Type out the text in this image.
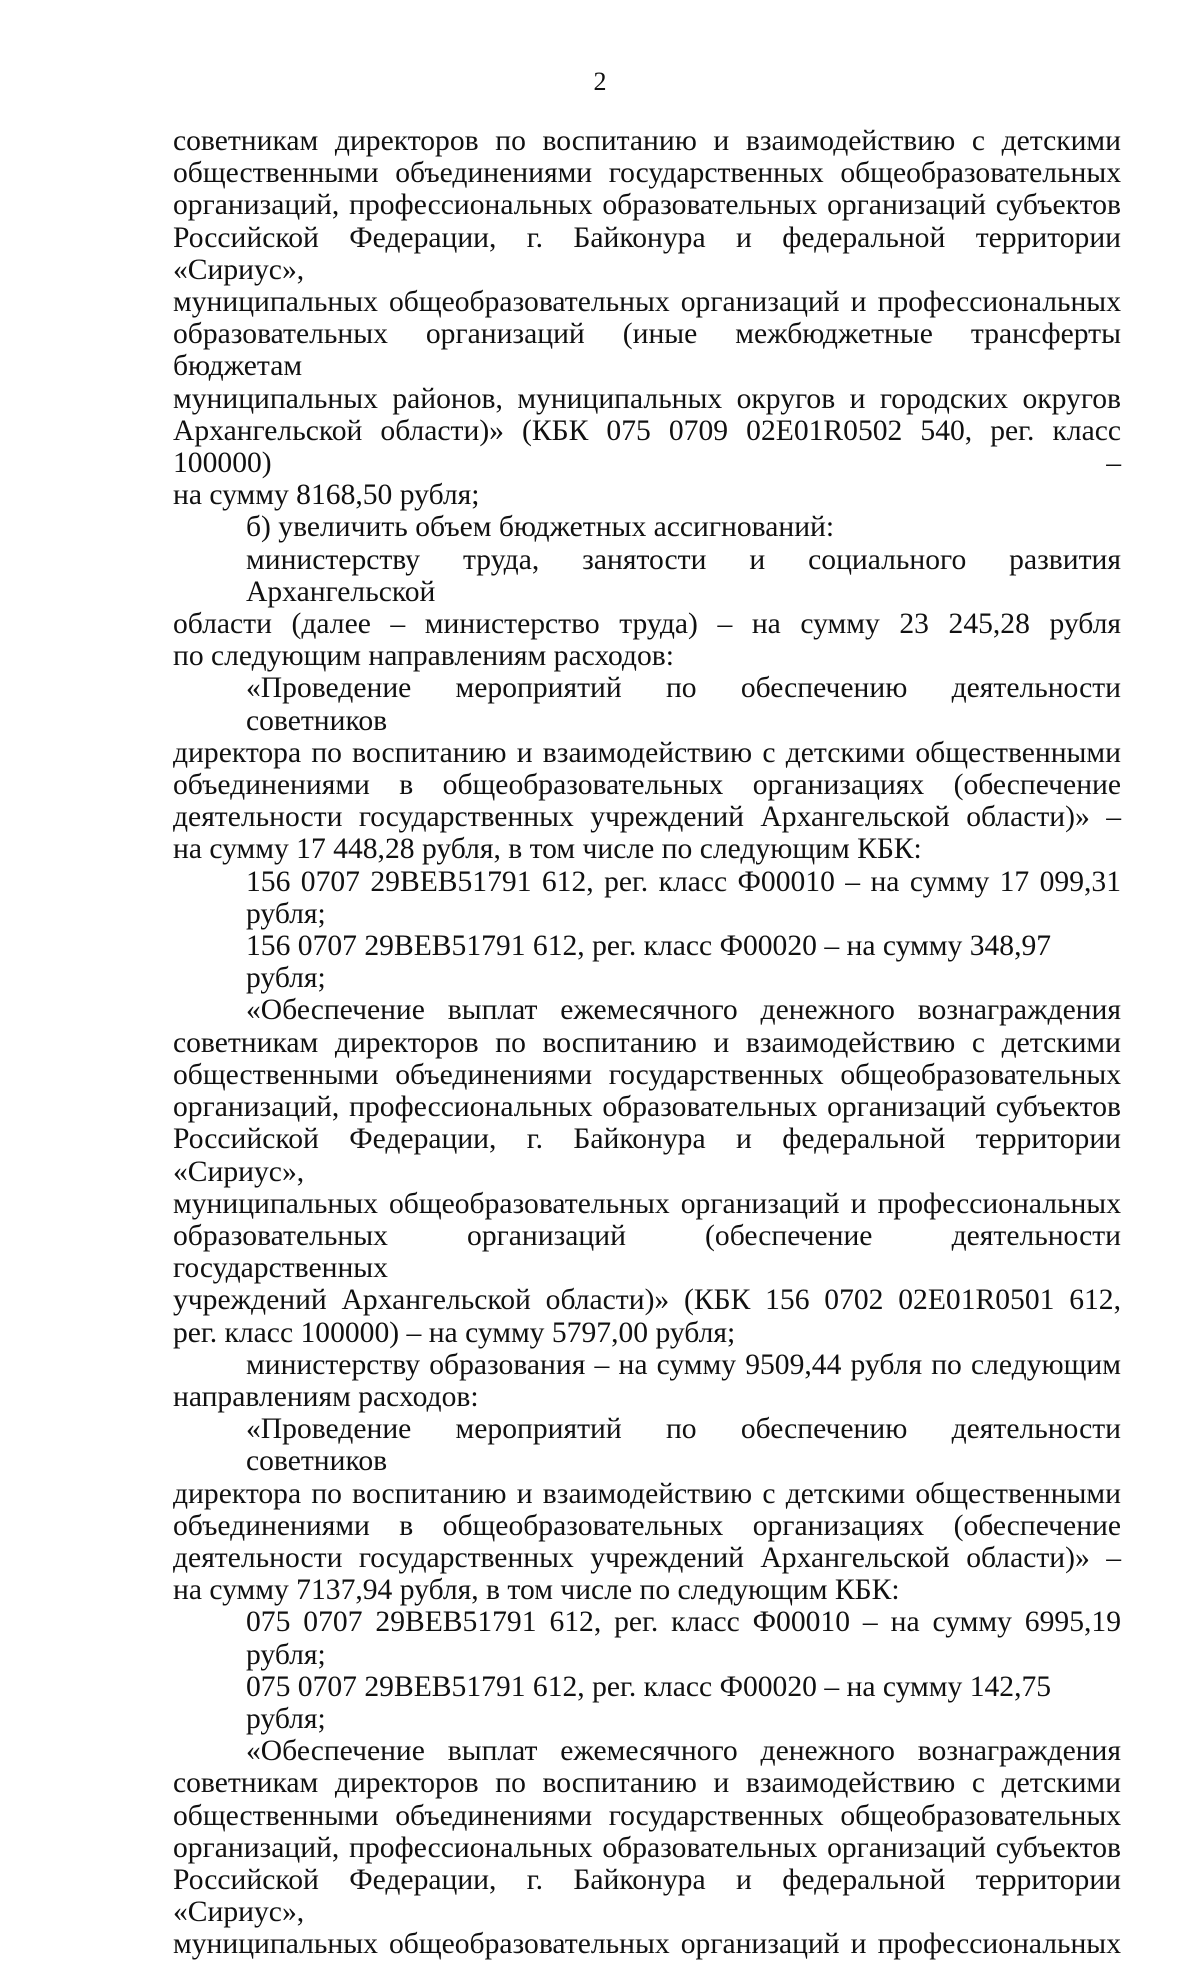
2

советникам директоров по воспитанию и взаимодействию с детскими

общественными объединениями государственных общеобразовательных

организаций, профессиональных образовательных организаций субъектов

Российской Федерации, г. Байконура и федеральной территории «Сириус»,

муниципальных общеобразовательных организаций и профессиональных

образовательных организаций (иные межбюджетные трансферты бюджетам

муниципальных районов, муниципальных округов и городских округов

Архангельской области)» (КБК 075 0709 02Е01R0502 540, рег. класс 100000) –

на сумму 8168,50 рубля;

б) увеличить объем бюджетных ассигнований:

министерству труда, занятости и социального развития Архангельской

области (далее – министерство труда) – на сумму 23 245,28 рубля

по следующим направлениям расходов:

«Проведение мероприятий по обеспечению деятельности советников

директора по воспитанию и взаимодействию с детскими общественными

объединениями в общеобразовательных организациях (обеспечение

деятельности государственных учреждений Архангельской области)» –

на сумму 17 448,28 рубля, в том числе по следующим КБК:

156 0707 29ВЕВ51791 612, рег. класс Ф00010 – на сумму 17 099,31 рубля;

156 0707 29ВЕВ51791 612, рег. класс Ф00020 – на сумму 348,97 рубля;

«Обеспечение выплат ежемесячного денежного вознаграждения

советникам директоров по воспитанию и взаимодействию с детскими

общественными объединениями государственных общеобразовательных

организаций, профессиональных образовательных организаций субъектов

Российской Федерации, г. Байконура и федеральной территории «Сириус»,

муниципальных общеобразовательных организаций и профессиональных

образовательных организаций (обеспечение деятельности государственных

учреждений Архангельской области)» (КБК 156 0702 02Е01R0501 612,

рег. класс 100000) – на сумму 5797,00 рубля;

министерству образования – на сумму 9509,44 рубля по следующим

направлениям расходов:

«Проведение мероприятий по обеспечению деятельности советников

директора по воспитанию и взаимодействию с детскими общественными

объединениями в общеобразовательных организациях (обеспечение

деятельности государственных учреждений Архангельской области)» –

на сумму 7137,94 рубля, в том числе по следующим КБК:

075 0707 29ВЕВ51791 612, рег. класс Ф00010 – на сумму 6995,19 рубля;

075 0707 29ВЕВ51791 612, рег. класс Ф00020 – на сумму 142,75 рубля;

«Обеспечение выплат ежемесячного денежного вознаграждения

советникам директоров по воспитанию и взаимодействию с детскими

общественными объединениями государственных общеобразовательных

организаций, профессиональных образовательных организаций субъектов

Российской Федерации, г. Байконура и федеральной территории «Сириус»,

муниципальных общеобразовательных организаций и профессиональных
